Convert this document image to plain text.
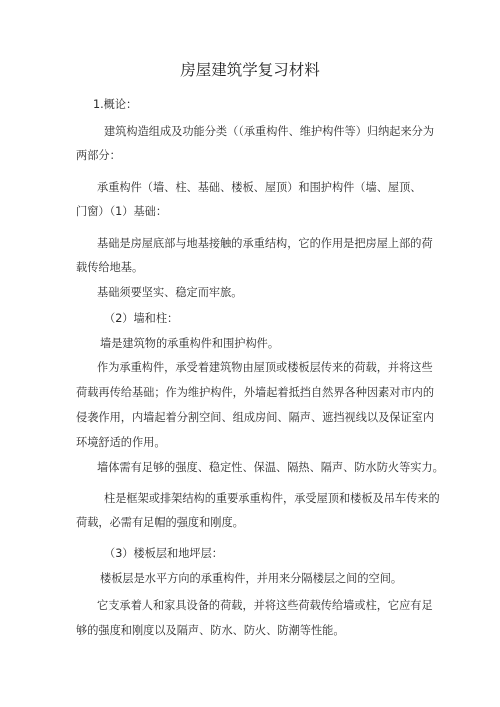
房屋建筑学复习材料
1.概论：
建筑构造组成及功能分类（（承重构件、维护构件等）归纳起来分为
两部分：
承重构件（墙、柱、基础、楼板、屋顶）和围护构件（墙、屋顶、
门窗）（1）基础：
基础是房屋底部与地基接触的承重结构，它的作用是把房屋上部的荷
载传给地基。
基础须要坚实、稳定而牢旅。
（2）墙和柱：
墙是建筑物的承重构件和围护构件。
作为承重构件，承受着建筑物由屋顶或楼板层传来的荷载，并将这些
荷载再传给基础；作为维护构件，外墙起着抵挡自然界各种因素对市内的
侵袭作用，内墙起着分割空间、组成房间、隔声、遮挡视线以及保证室内
环境舒适的作用。
墙体需有足够的强度、稳定性、保温、隔热、隔声、防水防火等实力。
柱是框架或排架结构的重要承重构件，承受屋顶和楼板及吊车传来的
荷载，必需有足帽的强度和刚度。
（3）楼板层和地坪层：
楼板层是水平方向的承重构件，并用来分隔楼层之间的空间。
它支承着人和家具设备的荷载，并将这些荷载传给墙或柱，它应有足
够的强度和刚度以及隔声、防水、防火、防潮等性能。
